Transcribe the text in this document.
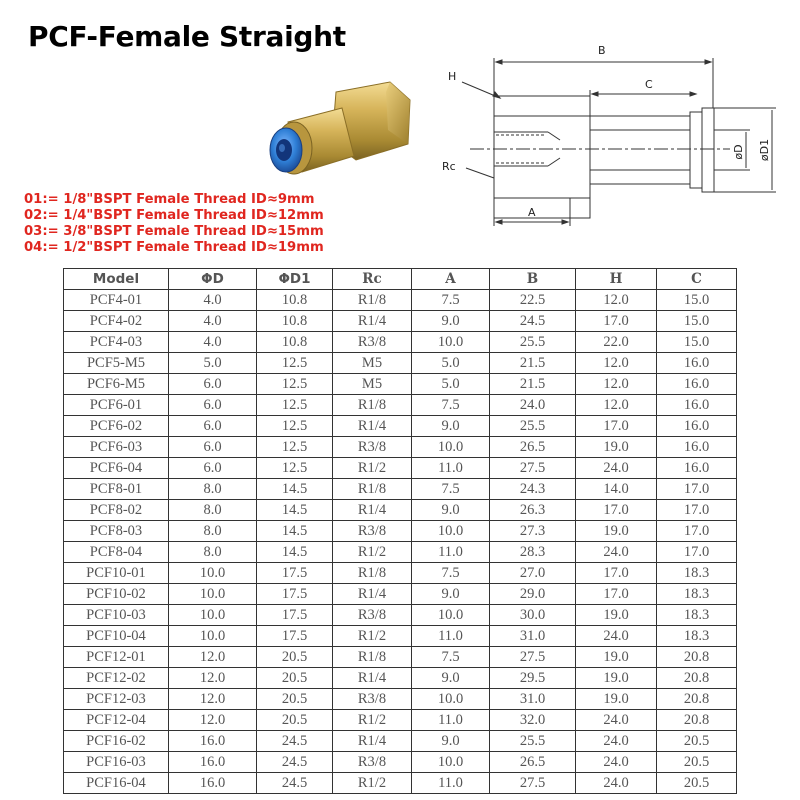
PCF-Female Straight
01:= 1/8"BSPT Female Thread ID≈9mm
02:= 1/4"BSPT Female Thread ID≈12mm
03:= 3/8"BSPT Female Thread ID≈15mm
04:= 1/2"BSPT Female Thread ID≈19mm
B
H
C
Rc
A
øD øD1
Model	ΦD	ΦD1	Rc	A	B	H	C
PCF4-01	4.0	10.8	R1/8	7.5	22.5	12.0	15.0
PCF4-02	4.0	10.8	R1/4	9.0	24.5	17.0	15.0
PCF4-03	4.0	10.8	R3/8	10.0	25.5	22.0	15.0
PCF5-M5	5.0	12.5	M5	5.0	21.5	12.0	16.0
PCF6-M5	6.0	12.5	M5	5.0	21.5	12.0	16.0
PCF6-01	6.0	12.5	R1/8	7.5	24.0	12.0	16.0
PCF6-02	6.0	12.5	R1/4	9.0	25.5	17.0	16.0
PCF6-03	6.0	12.5	R3/8	10.0	26.5	19.0	16.0
PCF6-04	6.0	12.5	R1/2	11.0	27.5	24.0	16.0
PCF8-01	8.0	14.5	R1/8	7.5	24.3	14.0	17.0
PCF8-02	8.0	14.5	R1/4	9.0	26.3	17.0	17.0
PCF8-03	8.0	14.5	R3/8	10.0	27.3	19.0	17.0
PCF8-04	8.0	14.5	R1/2	11.0	28.3	24.0	17.0
PCF10-01	10.0	17.5	R1/8	7.5	27.0	17.0	18.3
PCF10-02	10.0	17.5	R1/4	9.0	29.0	17.0	18.3
PCF10-03	10.0	17.5	R3/8	10.0	30.0	19.0	18.3
PCF10-04	10.0	17.5	R1/2	11.0	31.0	24.0	18.3
PCF12-01	12.0	20.5	R1/8	7.5	27.5	19.0	20.8
PCF12-02	12.0	20.5	R1/4	9.0	29.5	19.0	20.8
PCF12-03	12.0	20.5	R3/8	10.0	31.0	19.0	20.8
PCF12-04	12.0	20.5	R1/2	11.0	32.0	24.0	20.8
PCF16-02	16.0	24.5	R1/4	9.0	25.5	24.0	20.5
PCF16-03	16.0	24.5	R3/8	10.0	26.5	24.0	20.5
PCF16-04	16.0	24.5	R1/2	11.0	27.5	24.0	20.5
